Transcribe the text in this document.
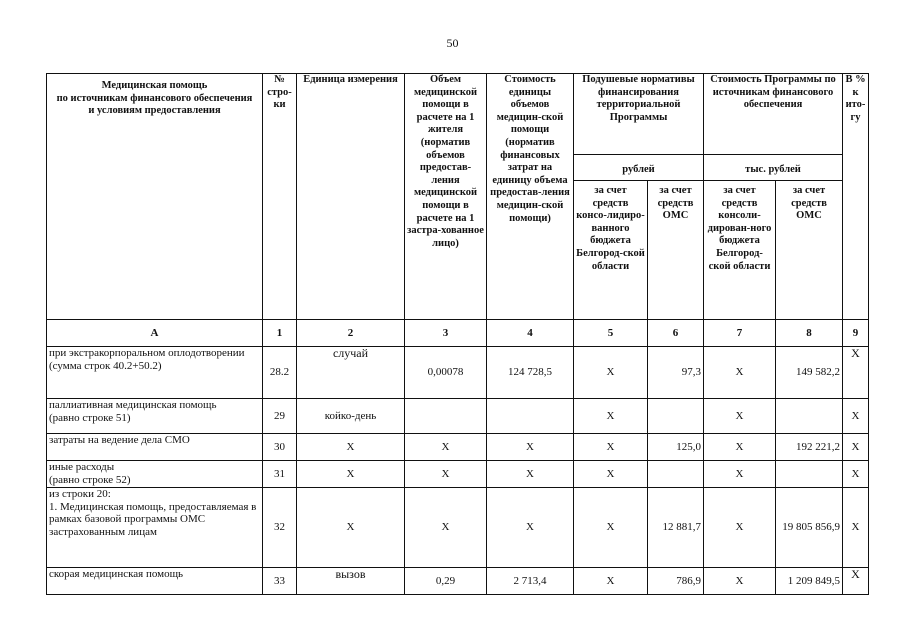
50
Медицинская помощь
по источникам финансового обеспечения
и условиям предоставления	№ стро-ки	Единица измерения	Объем медицинской помощи в расчете на 1 жителя (норматив объемов предостав-ления медицинской помощи в расчете на 1 застра-хованное лицо)	Стоимость единицы объемов медицин-ской помощи (норматив финансовых затрат на единицу объема предостав-ления медицин-ской помощи)	Подушевые нормативы финансирования территориальной Программы		Стоимость Программы по источникам финансового обеспечения		В % к ито-гу
					рублей		тыс. рублей		
					за счет средств консо-лидиро-ванного бюджета Белгород-ской области	за счет средств ОМС	за счет средств консоли-дирован-ного бюджета Белгород-ской области	за счет средств ОМС	
А	1	2	3	4	5	6	7	8	9
при экстракорпоральном оплодотворении
(сумма строк 40.2+50.2)	28.2	случай	0,00078	124 728,5	X	97,3	X	149 582,2	X
паллиативная медицинская помощь
(равно строке 51)	29	койко-день			X		X		X
затраты на ведение дела СМО	30	X	X	X	X	125,0	X	192 221,2	X
иные расходы
(равно строке 52)	31	X	X	X	X		X		X
из строки 20:
1. Медицинская помощь, предоставляемая в рамках базовой программы ОМС застрахованным лицам	32	X	X	X	X	12 881,7	X	19 805 856,9	X
скорая медицинская помощь	33	вызов	0,29	2 713,4	X	786,9	X	1 209 849,5	X
